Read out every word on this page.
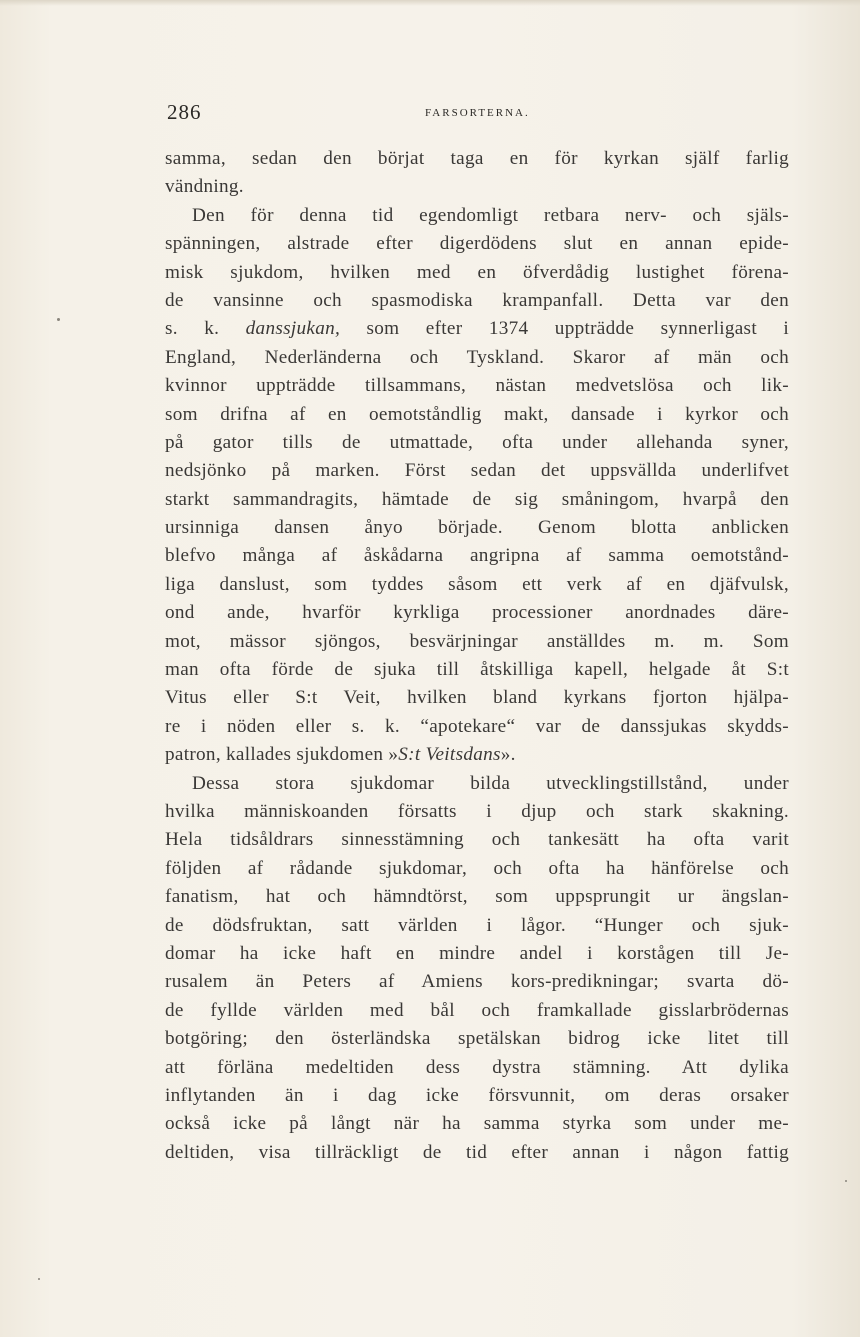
286	FARSORTERNA.
samma, sedan den börjat taga en för kyrkan själf farlig
vändning.
Den för denna tid egendomligt retbara nerv- och själs-
spänningen, alstrade efter digerdödens slut en annan epide-
misk sjukdom, hvilken med en öfverdådig lustighet förena-
de vansinne och spasmodiska krampanfall. Detta var den
s. k. danssjukan, som efter 1374 uppträdde synnerligast i
England, Nederländerna och Tyskland. Skaror af män och
kvinnor uppträdde tillsammans, nästan medvetslösa och lik-
som drifna af en oemotståndlig makt, dansade i kyrkor och
på gator tills de utmattade, ofta under allehanda syner,
nedsjönko på marken. Först sedan det uppsvällda underlifvet
starkt sammandragits, hämtade de sig småningom, hvarpå den
ursinniga dansen ånyo började. Genom blotta anblicken
blefvo många af åskådarna angripna af samma oemotstånd-
liga danslust, som tyddes såsom ett verk af en djäfvulsk,
ond ande, hvarför kyrkliga processioner anordnades däre-
mot, mässor sjöngos, besvärjningar anställdes m. m. Som
man ofta förde de sjuka till åtskilliga kapell, helgade åt S:t
Vitus eller S:t Veit, hvilken bland kyrkans fjorton hjälpa-
re i nöden eller s. k. “apotekare“ var de danssjukas skydds-
patron, kallades sjukdomen »S:t Veitsdans».
Dessa stora sjukdomar bilda utvecklingstillstånd, under
hvilka människoanden försatts i djup och stark skakning.
Hela tidsåldrars sinnesstämning och tankesätt ha ofta varit
följden af rådande sjukdomar, och ofta ha hänförelse och
fanatism, hat och hämndtörst, som uppsprungit ur ängslan-
de dödsfruktan, satt världen i lågor. “Hunger och sjuk-
domar ha icke haft en mindre andel i korstågen till Je-
rusalem än Peters af Amiens kors-predikningar; svarta dö-
de fyllde världen med bål och framkallade gisslarbrödernas
botgöring; den österländska spetälskan bidrog icke litet till
att förläna medeltiden dess dystra stämning. Att dylika
inflytanden än i dag icke försvunnit, om deras orsaker
också icke på långt när ha samma styrka som under me-
deltiden, visa tillräckligt de tid efter annan i någon fattig
